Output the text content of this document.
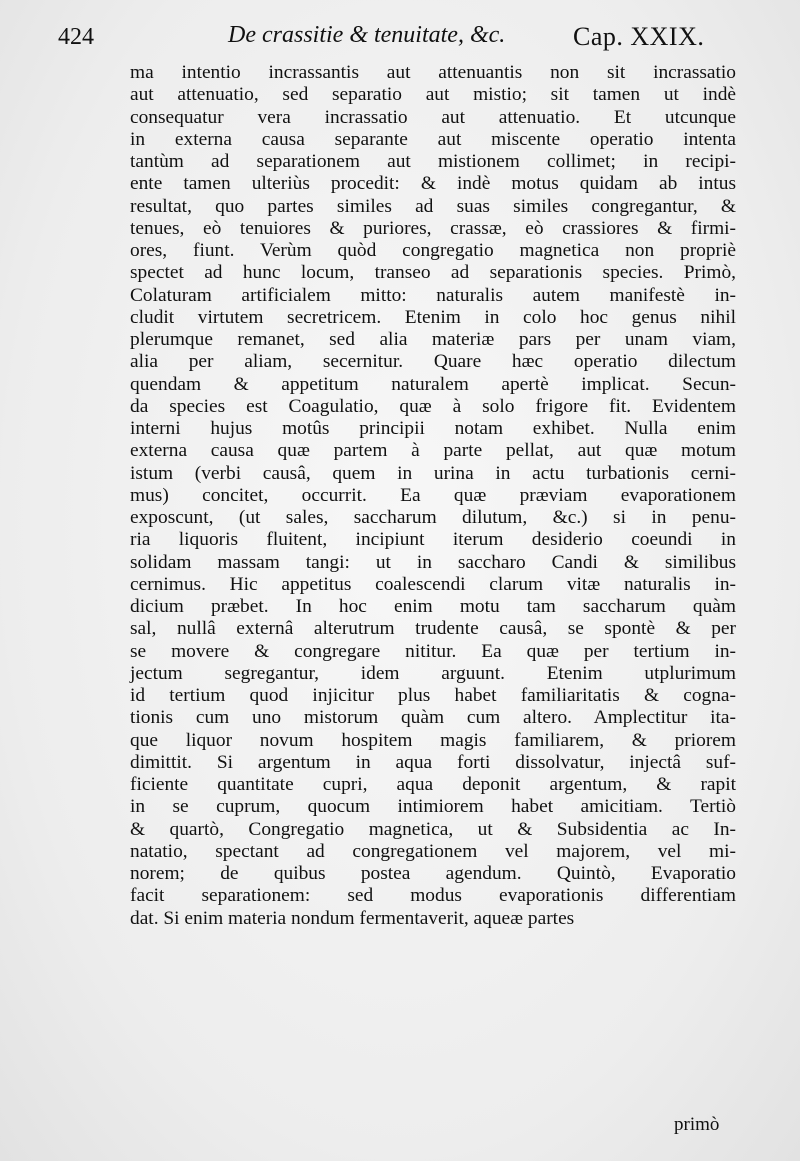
424	De crassitie & tenuitate, &c.	Cap. XXIX.
ma intentio incrassantis aut attenuantis non sit incrassatio
aut attenuatio, sed separatio aut mistio; sit tamen ut indè
consequatur vera incrassatio aut attenuatio. Et utcunque
in externa causa separante aut miscente operatio intenta
tantùm ad separationem aut mistionem collimet; in recipi-
ente tamen ulteriùs procedit: & indè motus quidam ab intus
resultat, quo partes similes ad suas similes congregantur, &
tenues, eò tenuiores & puriores, crassæ, eò crassiores & firmi-
ores, fiunt. Verùm quòd congregatio magnetica non propriè
spectet ad hunc locum, transeo ad separationis species. Primò,
Colaturam artificialem mitto: naturalis autem manifestè in-
cludit virtutem secretricem. Etenim in colo hoc genus nihil
plerumque remanet, sed alia materiæ pars per unam viam,
alia per aliam, secernitur. Quare hæc operatio dilectum
quendam & appetitum naturalem apertè implicat. Secun-
da species est Coagulatio, quæ à solo frigore fit. Evidentem
interni hujus motûs principii notam exhibet. Nulla enim
externa causa quæ partem à parte pellat, aut quæ motum
istum (verbi causâ, quem in urina in actu turbationis cerni-
mus) concitet, occurrit. Ea quæ præviam evaporationem
exposcunt, (ut sales, saccharum dilutum, &c.) si in penu-
ria liquoris fluitent, incipiunt iterum desiderio coeundi in
solidam massam tangi: ut in saccharo Candi & similibus
cernimus. Hic appetitus coalescendi clarum vitæ naturalis in-
dicium præbet. In hoc enim motu tam saccharum quàm
sal, nullâ externâ alterutrum trudente causâ, se spontè & per
se movere & congregare nititur. Ea quæ per tertium in-
jectum segregantur, idem arguunt. Etenim utplurimum
id tertium quod injicitur plus habet familiaritatis & cogna-
tionis cum uno mistorum quàm cum altero. Amplectitur ita-
que liquor novum hospitem magis familiarem, & priorem
dimittit. Si argentum in aqua forti dissolvatur, injectâ suf-
ficiente quantitate cupri, aqua deponit argentum, & rapit
in se cuprum, quocum intimiorem habet amicitiam. Tertiò
& quartò, Congregatio magnetica, ut & Subsidentia ac In-
natatio, spectant ad congregationem vel majorem, vel mi-
norem; de quibus postea agendum. Quintò, Evaporatio
facit separationem: sed modus evaporationis differentiam
dat. Si enim materia nondum fermentaverit, aqueæ partes
primò
